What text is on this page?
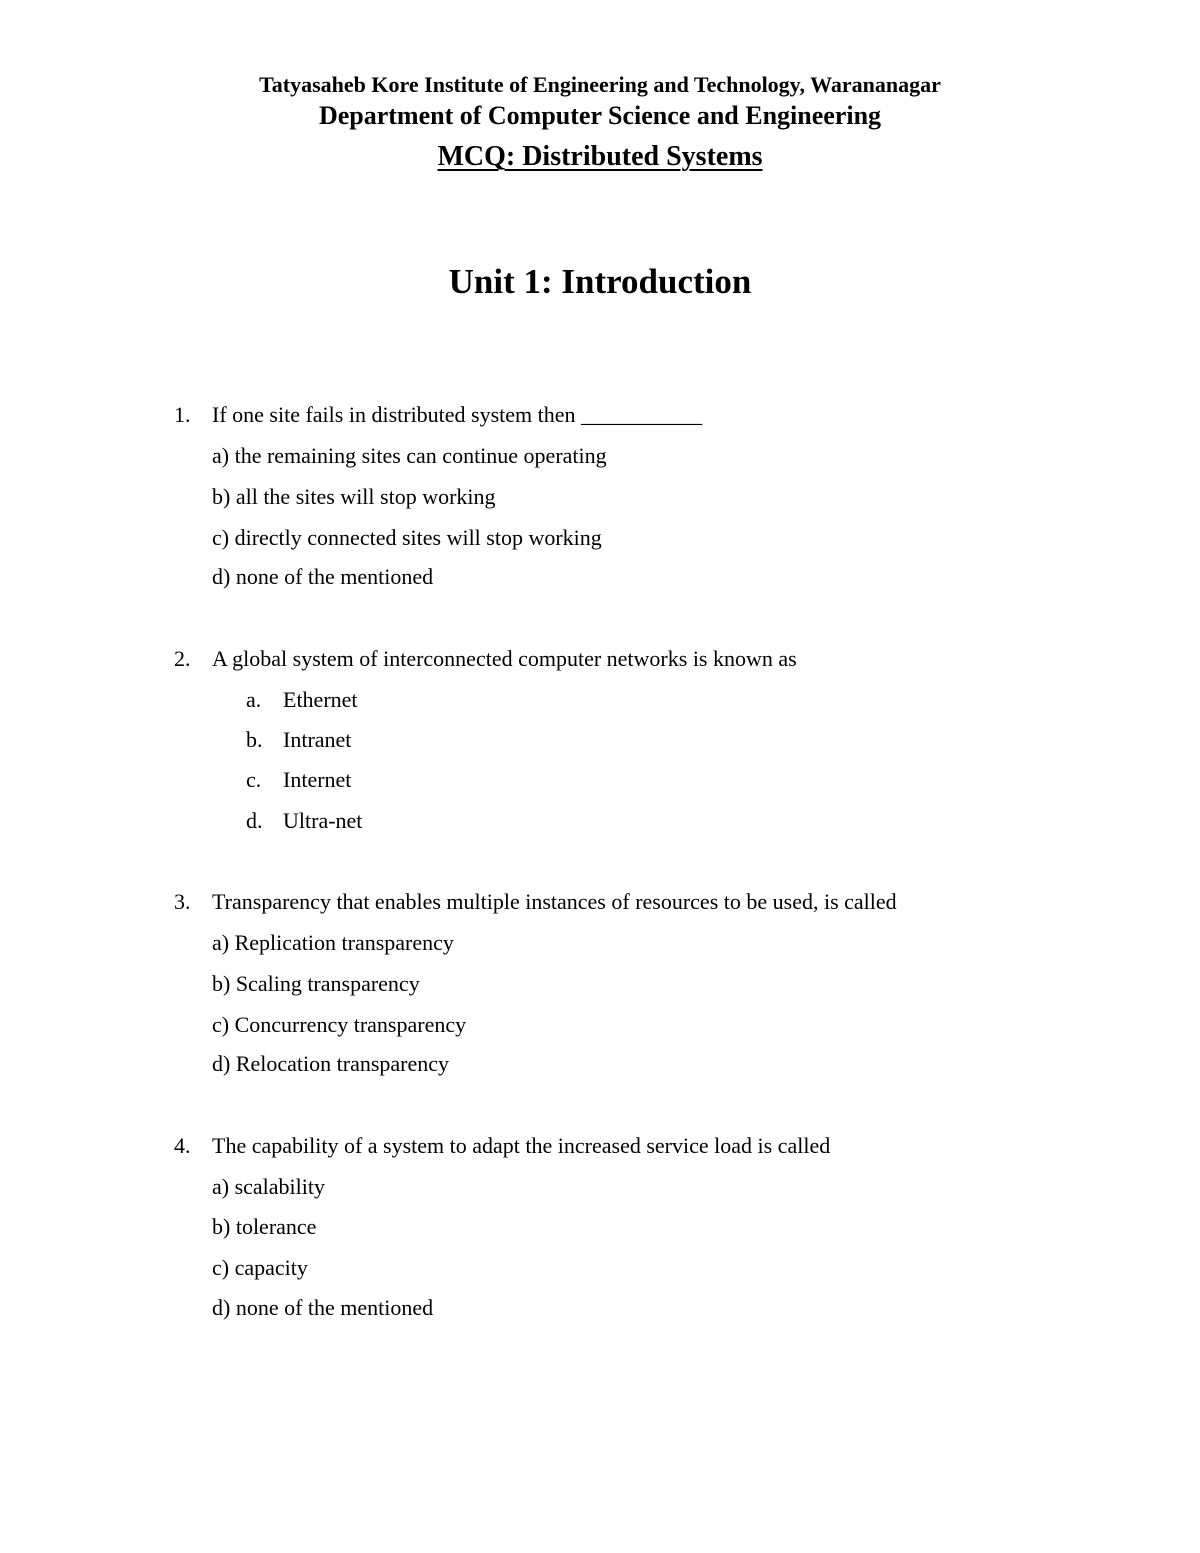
Tatyasaheb Kore Institute of Engineering and Technology, Warananagar
Department of Computer Science and Engineering
MCQ: Distributed Systems
Unit 1: Introduction
1. If one site fails in distributed system then ___________
a) the remaining sites can continue operating
b) all the sites will stop working
c) directly connected sites will stop working
d) none of the mentioned
2. A global system of interconnected computer networks is known as
a. Ethernet
b. Intranet
c. Internet
d. Ultra-net
3. Transparency that enables multiple instances of resources to be used, is called
a) Replication transparency
b) Scaling transparency
c) Concurrency transparency
d) Relocation transparency
4. The capability of a system to adapt the increased service load is called
a) scalability
b) tolerance
c) capacity
d) none of the mentioned
